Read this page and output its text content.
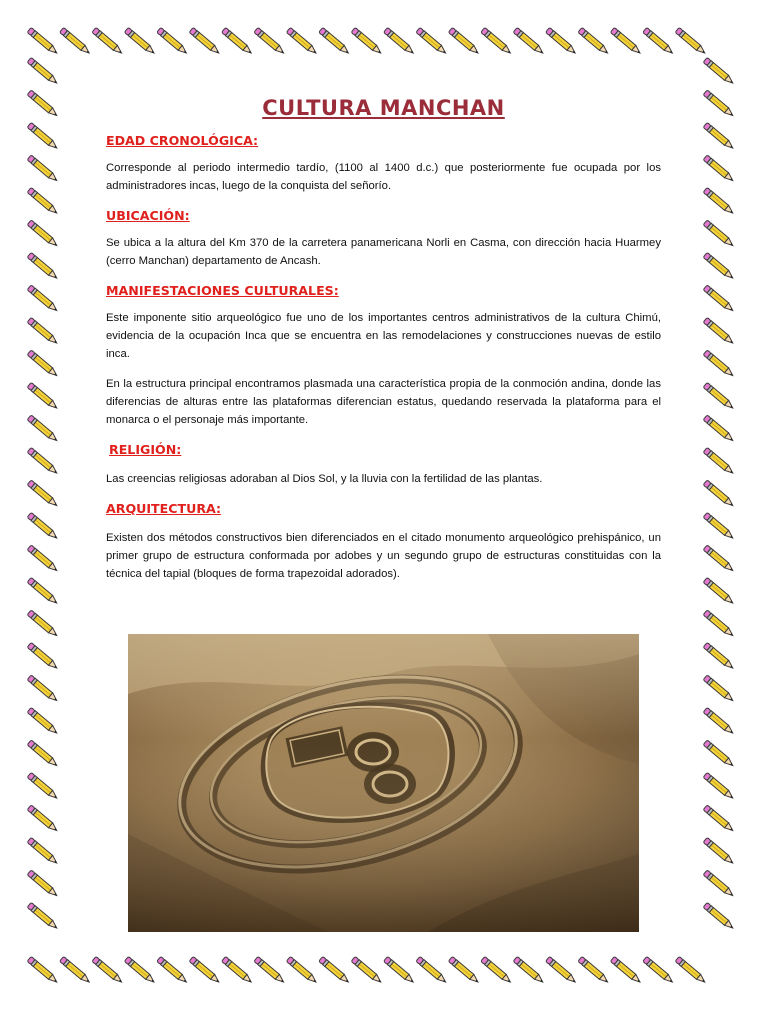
CULTURA MANCHAN
EDAD CRONOLÓGICA:

Corresponde al periodo intermedio tardío, (1100 al 1400 d.c.) que posteriormente fue ocupada por los administradores incas, luego de la conquista del señorío.

UBICACIÓN:

Se ubica a la altura del Km 370 de la carretera panamericana Norli en Casma, con dirección hacia Huarmey (cerro Manchan) departamento de Ancash.

MANIFESTACIONES CULTURALES:

Este imponente sitio arqueológico fue uno de los importantes centros administrativos de la cultura Chimú, evidencia de la ocupación Inca que se encuentra en las remodelaciones y construcciones nuevas de estilo inca.

En la estructura principal encontramos plasmada una característica propia de la conmoción andina, donde las diferencias de alturas entre las plataformas diferencian estatus, quedando reservada la plataforma para el monarca o el personaje más importante.

RELIGIÓN:

Las creencias religiosas adoraban al Dios Sol, y la lluvia con la fertilidad de las plantas.

ARQUITECTURA:

Existen dos métodos constructivos bien diferenciados en el citado monumento arqueológico prehispánico, un primer grupo de estructura conformada por adobes y un segundo grupo de estructuras constituidas con la técnica del tapial (bloques de forma trapezoidal adorados).
